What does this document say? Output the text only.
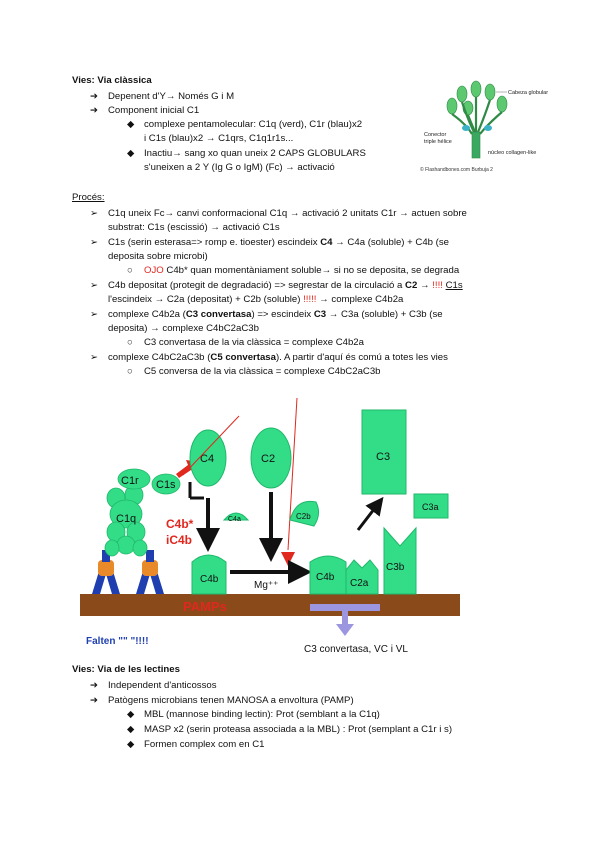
Vies: Via clàssica
➔ Depenent d'Y→ Només G i M
➔ Component inicial C1
◆ complexe pentamolecular: C1q (verd), C1r (blau)x2
i C1s (blau)x2 → C1qrs, C1q1r1s...
◆ Inactiu→ sang xo quan uneix 2 CAPS GLOBULARS
s'uneixen a 2 Y (Ig G o IgM) (Fc) → activació
Cabeza globular
Conector
triple hélice
núcleo collagen-like
© Flashandbones.com Burbuja 2
Procés:
➢ C1q uneix Fc→ canvi conformacional C1q → activació 2 unitats C1r → actuen sobre
substrat: C1s (escissió) → activació C1s
➢ C1s (serin esterasa=> romp e. tioester) escindeix C4 → C4a (soluble) + C4b (se
deposita sobre microbi)
○ OJO C4b* quan momentàniament soluble→ si no se deposita, se degrada
➢ C4b depositat (protegit de degradació) => segrestar de la circulació a C2 → !!!! C1s
l'escindeix → C2a (depositat) + C2b (soluble) !!!!! → complexe C4b2a
➢ complexe C4b2a (C3 convertasa) => escindeix C3 → C3a (soluble) + C3b (se
deposita) → complexe C4bC2aC3b
○ C3 convertasa de la via clàssica = complexe C4b2a
➢ complexe C4bC2aC3b (C5 convertasa). A partir d'aquí és comú a totes les vies
○ C5 conversa de la via clàssica = complexe C4bC2aC3b
PAMPs
C1r C1s
C1q
C4	C2	C3
C3a
C4a	C2b
C4b*
iC4b
C4b
Mg⁺⁺
C4b
C2a
C3b
Falten "" "!!!!
C3 convertasa, VC i VL
Vies: Via de les lectines
➔ Independent d'anticossos
➔ Patògens microbians tenen MANOSA a envoltura (PAMP)
◆ MBL (mannose binding lectin): Prot (semblant a la C1q)
◆ MASP x2 (serin proteasa associada a la MBL) : Prot (semplant a C1r i s)
◆ Formen complex com en C1
